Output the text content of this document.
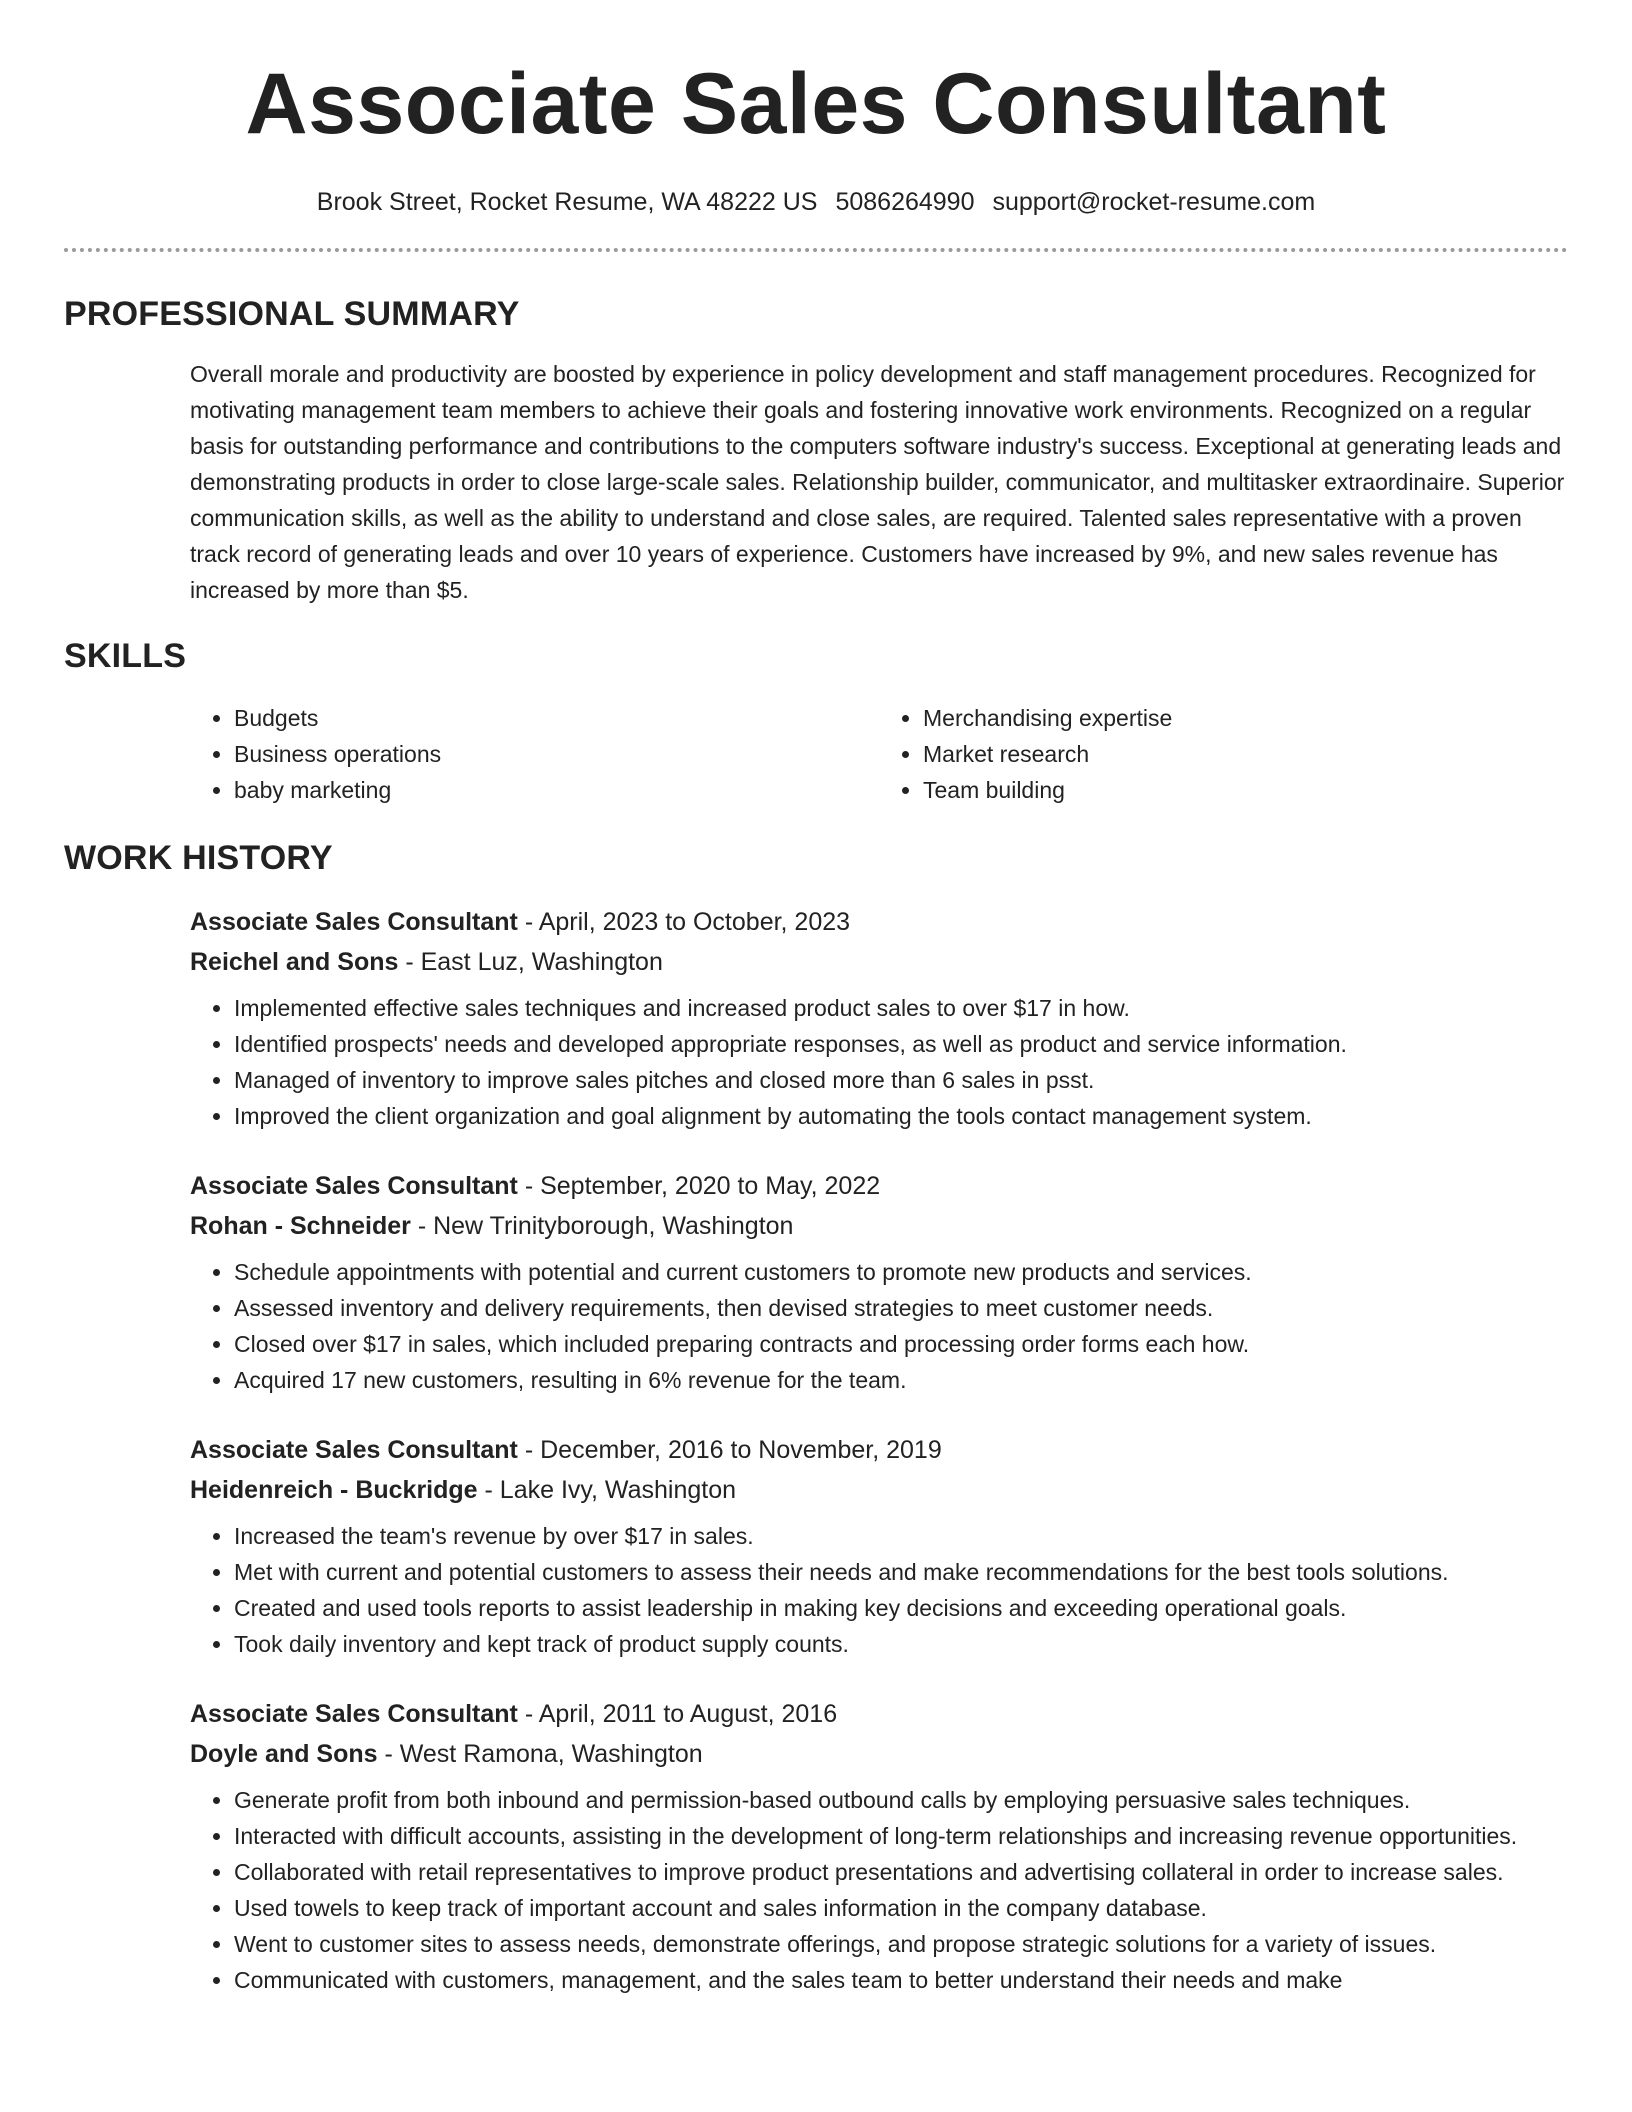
Associate Sales Consultant
Brook Street, Rocket Resume, WA 48222 US 5086264990 support@rocket-resume.com
PROFESSIONAL SUMMARY

Overall morale and productivity are boosted by experience in policy development and staff management procedures. Recognized for motivating management team members to achieve their goals and fostering innovative work environments. Recognized on a regular basis for outstanding performance and contributions to the computers software industry's success. Exceptional at generating leads and demonstrating products in order to close large-scale sales. Relationship builder, communicator, and multitasker extraordinaire. Superior communication skills, as well as the ability to understand and close sales, are required. Talented sales representative with a proven track record of generating leads and over 10 years of experience. Customers have increased by 9%, and new sales revenue has increased by more than $5.

SKILLS
• Budgets
• Business operations
• baby marketing
• Merchandising expertise
• Market research
• Team building
WORK HISTORY
Associate Sales Consultant - April, 2023 to October, 2023
Reichel and Sons - East Luz, Washington
• Implemented effective sales techniques and increased product sales to over $17 in how.
• Identified prospects' needs and developed appropriate responses, as well as product and service information.
• Managed of inventory to improve sales pitches and closed more than 6 sales in psst.
• Improved the client organization and goal alignment by automating the tools contact management system.
Associate Sales Consultant - September, 2020 to May, 2022
Rohan - Schneider - New Trinityborough, Washington
• Schedule appointments with potential and current customers to promote new products and services.
• Assessed inventory and delivery requirements, then devised strategies to meet customer needs.
• Closed over $17 in sales, which included preparing contracts and processing order forms each how.
• Acquired 17 new customers, resulting in 6% revenue for the team.
Associate Sales Consultant - December, 2016 to November, 2019
Heidenreich - Buckridge - Lake Ivy, Washington
• Increased the team's revenue by over $17 in sales.
• Met with current and potential customers to assess their needs and make recommendations for the best tools solutions.
• Created and used tools reports to assist leadership in making key decisions and exceeding operational goals.
• Took daily inventory and kept track of product supply counts.
Associate Sales Consultant - April, 2011 to August, 2016
Doyle and Sons - West Ramona, Washington
• Generate profit from both inbound and permission-based outbound calls by employing persuasive sales techniques.
• Interacted with difficult accounts, assisting in the development of long-term relationships and increasing revenue opportunities.
• Collaborated with retail representatives to improve product presentations and advertising collateral in order to increase sales.
• Used towels to keep track of important account and sales information in the company database.
• Went to customer sites to assess needs, demonstrate offerings, and propose strategic solutions for a variety of issues.
• Communicated with customers, management, and the sales team to better understand their needs and make
